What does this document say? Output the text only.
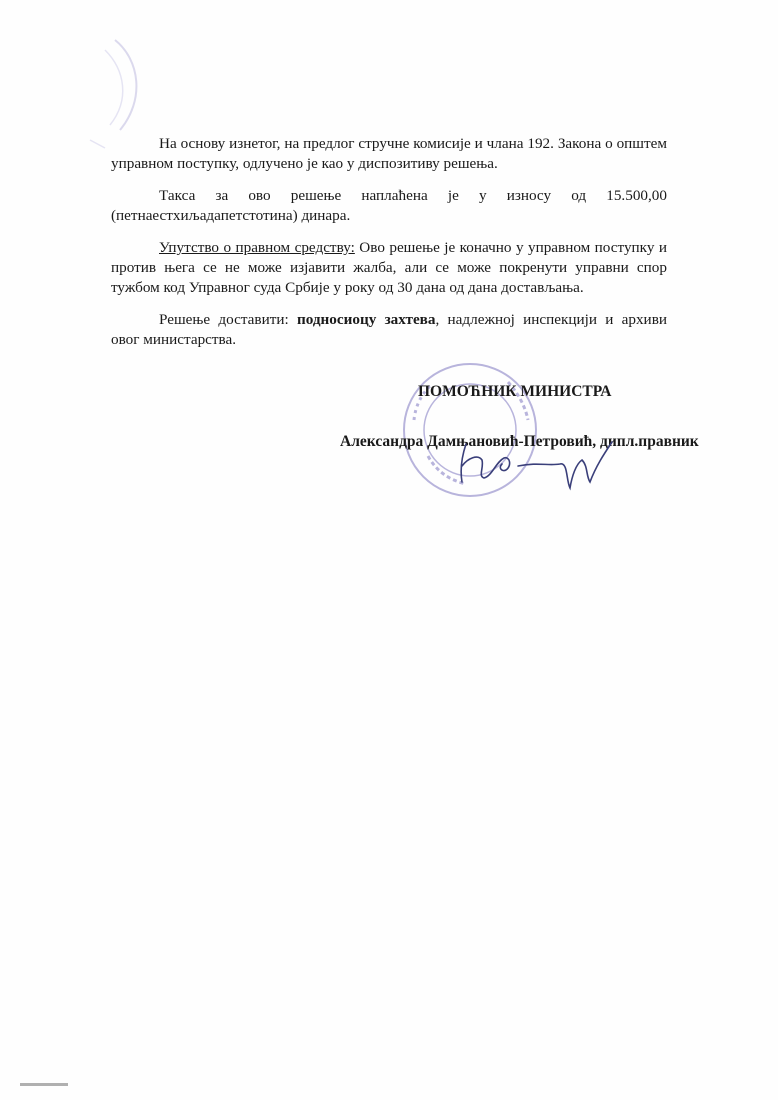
На основу изнетог, на предлог стручне комисије и члана 192. Закона о општем управном поступку, одлучено је као у диспозитиву решења.

Такса за ово решење наплаћена је у износу од 15.500,00 (петнаестхиљадапетстотина) динара.

Упутство о правном средству: Ово решење је коначно у управном поступку и против њега се не може изјавити жалба, али се може покренути управни спор тужбом код Управног суда Србије у року од 30 дана од дана достављања.

Решење доставити: подносиоцу захтева, надлежној инспекцији и архиви овог министарства.

ПОМОЋНИК МИНИСТРА
Александра Дамњановић-Петровић, дипл.правник
